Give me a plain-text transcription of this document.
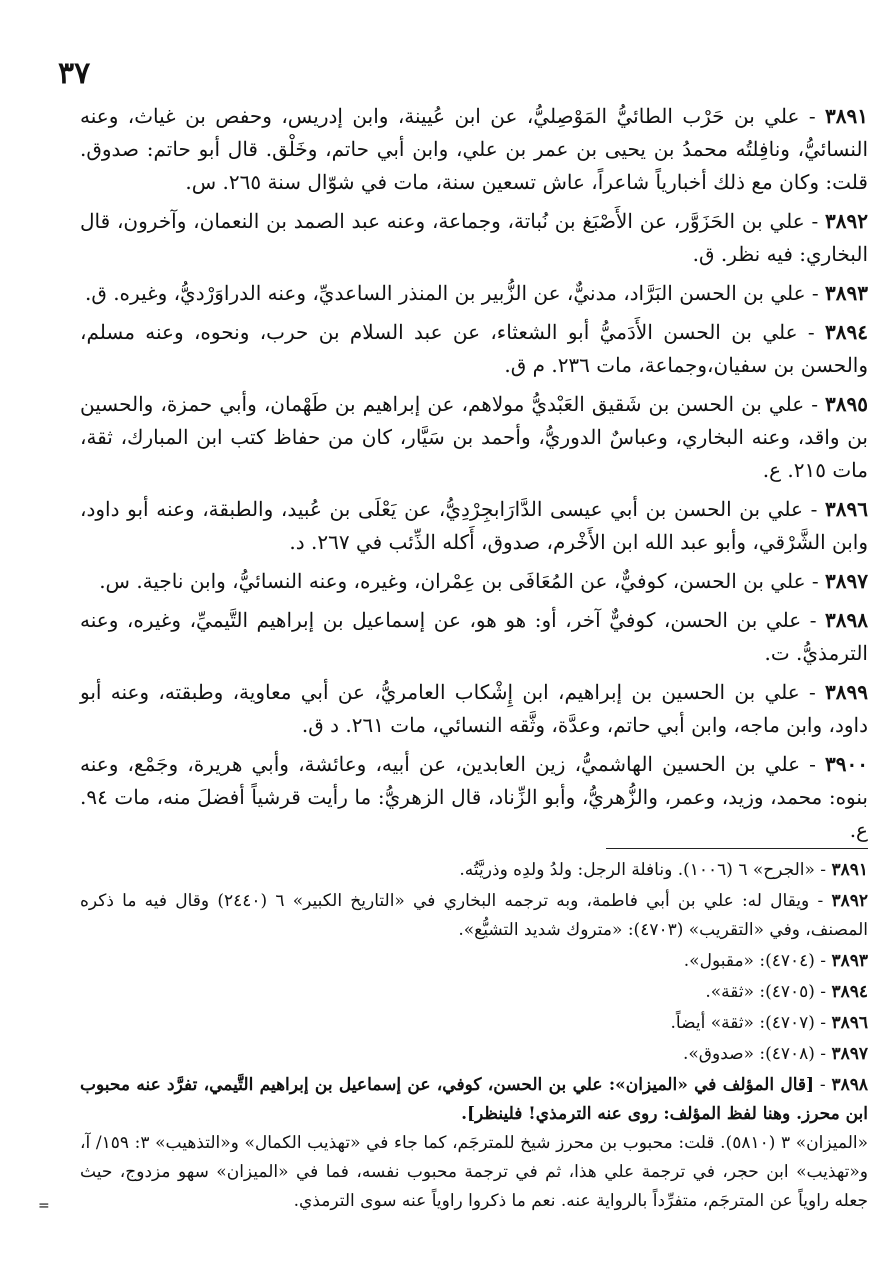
٣٧

٣٨٩١ - علي بن حَرْب الطائيُّ المَوْصِليُّ، عن ابن عُيينة، وابن إدريس، وحفص بن غياث، وعنه النسائيُّ، ونافِلتُه محمدُ بن يحيى بن عمر بن علي، وابن أبي حاتم، وخَلْق. قال أبو حاتم: صدوق. قلت: وكان مع ذلك أخبارياً شاعراً، عاش تسعين سنة، مات في شوّال سنة ٢٦٥. س.

٣٨٩٢ - علي بن الحَزَوَّر، عن الأَصْبَغ بن نُباتة، وجماعة، وعنه عبد الصمد بن النعمان، وآخرون، قال البخاري: فيه نظر. ق.

٣٨٩٣ - علي بن الحسن البَرَّاد، مدنيٌّ، عن الزُّبير بن المنذر الساعديِّ، وعنه الدراوَرْديُّ، وغيره. ق.

٣٨٩٤ - علي بن الحسن الأَدَميُّ أبو الشعثاء، عن عبد السلام بن حرب، ونحوه، وعنه مسلم، والحسن بن سفيان،وجماعة، مات ٢٣٦. م ق.

٣٨٩٥ - علي بن الحسن بن شَقيق العَبْديُّ مولاهم، عن إبراهيم بن طَهْمان، وأبي حمزة، والحسين بن واقد، وعنه البخاري، وعباسٌ الدوريُّ، وأحمد بن سَيَّار، كان من حفاظ كتب ابن المبارك، ثقة، مات ٢١٥. ع.

٣٨٩٦ - علي بن الحسن بن أبي عيسى الدَّارَابجِرْدِيُّ، عن يَعْلَى بن عُبيد، والطبقة، وعنه أبو داود، وابن الشَّرْقي، وأبو عبد الله ابن الأَخْرم، صدوق، أَكله الذِّئب في ٢٦٧. د.

٣٨٩٧ - علي بن الحسن، كوفيٌّ، عن المُعَافَى بن عِمْران، وغيره، وعنه النسائيُّ، وابن ناجية. س.

٣٨٩٨ - علي بن الحسن، كوفيٌّ آخر، أو: هو هو، عن إسماعيل بن إبراهيم التَّيميِّ، وغيره، وعنه الترمذيُّ. ت.

٣٨٩٩ - علي بن الحسين بن إبراهيم، ابن إِشْكاب العامريُّ، عن أبي معاوية، وطبقته، وعنه أبو داود، وابن ماجه، وابن أبي حاتم، وعدَّة، وثَّقه النسائي، مات ٢٦١. د ق.

٣٩٠٠ - علي بن الحسين الهاشميُّ، زين العابدين، عن أبيه، وعائشة، وأبي هريرة، وجَمْع، وعنه بنوه: محمد، وزيد، وعمر، والزُّهريُّ، وأبو الزِّناد، قال الزهريُّ: ما رأيت قرشياً أفضلَ منه، مات ٩٤. ع.

٣٨٩١ - «الجرح» ٦ (١٠٠٦). ونافلة الرجل: ولدُ ولدِه وذريَّتُه.

٣٨٩٢ - ويقال له: علي بن أبي فاطمة، وبه ترجمه البخاري في «التاريخ الكبير» ٦ (٢٤٤٠) وقال فيه ما ذكره المصنف، وفي «التقريب» (٤٧٠٣): «متروك شديد التشيُّع».

٣٨٩٣ - (٤٧٠٤): «مقبول».

٣٨٩٤ - (٤٧٠٥): «ثقة».

٣٨٩٦ - (٤٧٠٧): «ثقة» أيضاً.

٣٨٩٧ - (٤٧٠٨): «صدوق».

٣٨٩٨ - [قال المؤلف في «الميزان»: علي بن الحسن، كوفي، عن إسماعيل بن إبراهيم التَّيمي، تفرَّد عنه محبوب ابن محرز. وهنا لفظ المؤلف: روى عنه الترمذي! فلينظر].
«الميزان» ٣ (٥٨١٠). قلت: محبوب بن محرز شيخ للمترجَم، كما جاء في «تهذيب الكمال» و«التذهيب» ٣: ١٥٩/ آ، و«تهذيب» ابن حجر، في ترجمة علي هذا، ثم في ترجمة محبوب نفسه، فما في «الميزان» سهو مزدوج، حيث جعله راوياً عن المترجَم، متفرِّداً بالرواية عنه. نعم ما ذكروا راوياً عنه سوى الترمذي.

=
